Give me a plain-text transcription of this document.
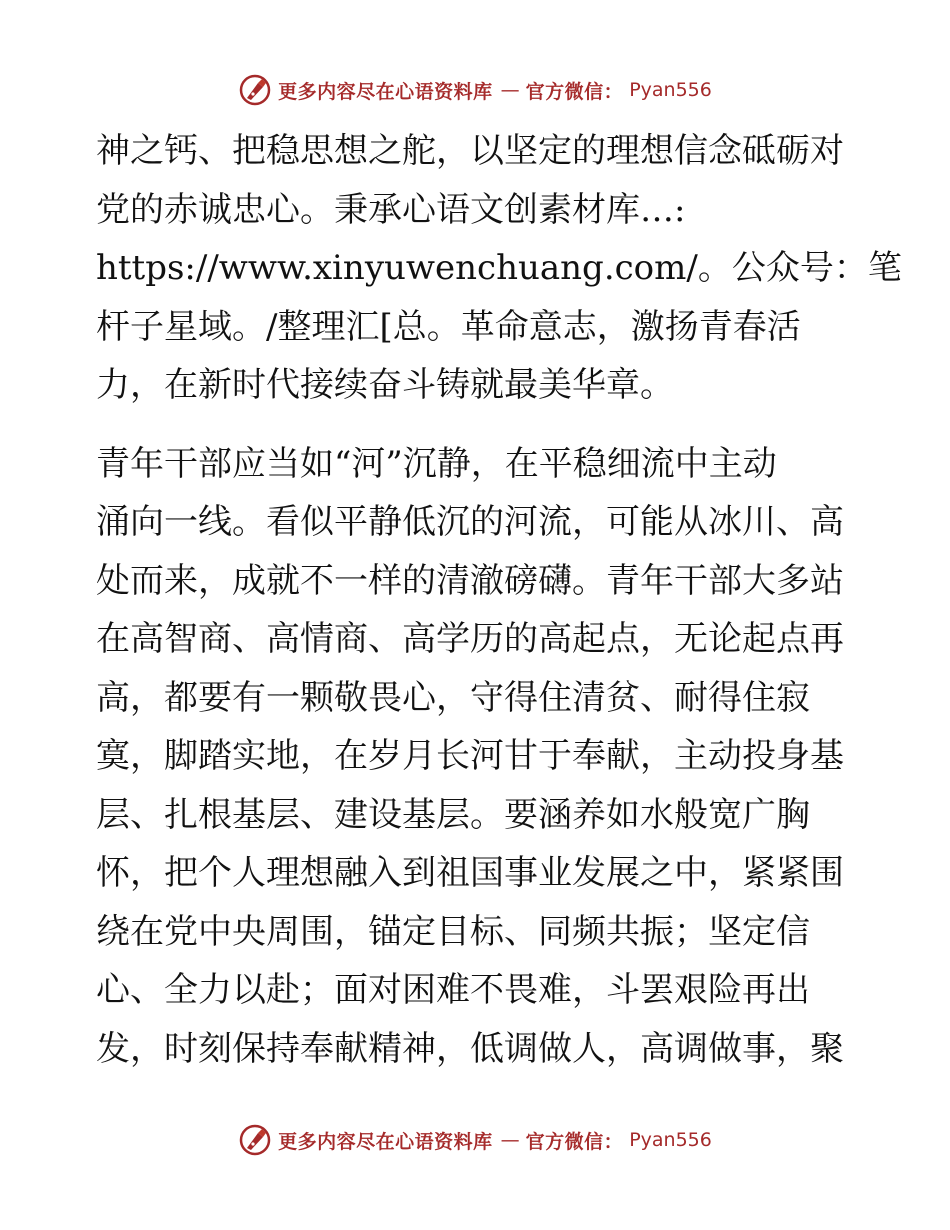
更多内容尽在心语资料库 — 官方微信： Pyan556

神之钙、把稳思想之舵，以坚定的理想信念砥砺对
党的赤诚忠心。秉承心语文创素材库…:
https://www.xinyuwenchuang.com/。公众号：笔
杆子星域。/整理汇[总。革命意志，激扬青春活
力，在新时代接续奋斗铸就最美华章。

青年干部应当如“河”沉静，在平稳细流中主动
涌向一线。看似平静低沉的河流，可能从冰川、高
处而来，成就不一样的清澈磅礴。青年干部大多站
在高智商、高情商、高学历的高起点，无论起点再
高，都要有一颗敬畏心，守得住清贫、耐得住寂
寞，脚踏实地，在岁月长河甘于奉献，主动投身基
层、扎根基层、建设基层。要涵养如水般宽广胸
怀，把个人理想融入到祖国事业发展之中，紧紧围
绕在党中央周围，锚定目标、同频共振；坚定信
心、全力以赴；面对困难不畏难，斗罢艰险再出
发，时刻保持奉献精神，低调做人，高调做事，聚

更多内容尽在心语资料库 — 官方微信： Pyan556
